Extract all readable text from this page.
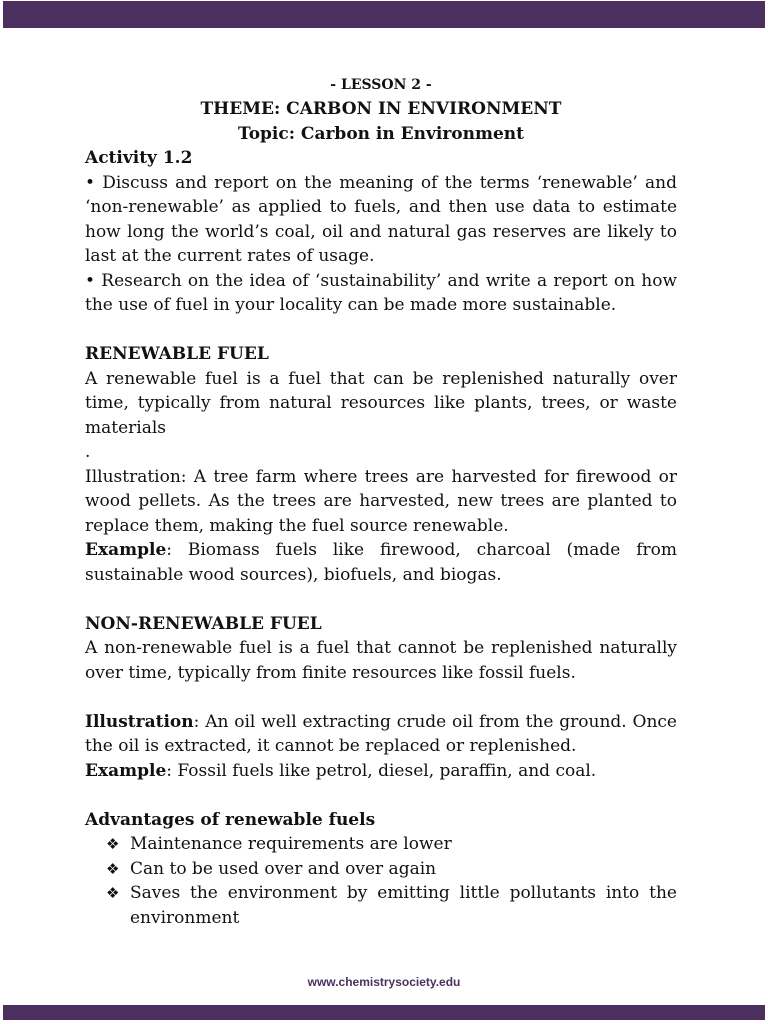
- LESSON 2 -
THEME: CARBON IN ENVIRONMENT
Topic: Carbon in Environment
Activity 1.2

• Discuss and report on the meaning of the terms ‘renewable’ and ‘non-renewable’ as applied to fuels, and then use data to estimate how long the world’s coal, oil and natural gas reserves are likely to last at the current rates of usage.

• Research on the idea of ‘sustainability’ and write a report on how the use of fuel in your locality can be made more sustainable.

RENEWABLE FUEL

A renewable fuel is a fuel that can be replenished naturally over time, typically from natural resources like plants, trees, or waste materials

.

Illustration: A tree farm where trees are harvested for firewood or wood pellets. As the trees are harvested, new trees are planted to replace them, making the fuel source renewable.

Example: Biomass fuels like firewood, charcoal (made from sustainable wood sources), biofuels, and biogas.

NON-RENEWABLE FUEL

A non-renewable fuel is a fuel that cannot be replenished naturally over time, typically from finite resources like fossil fuels.

Illustration: An oil well extracting crude oil from the ground. Once the oil is extracted, it cannot be replaced or replenished.

Example: Fossil fuels like petrol, diesel, paraffin, and coal.

Advantages of renewable fuels
❖ Maintenance requirements are lower
❖ Can to be used over and over again
❖ Saves the environment by emitting little pollutants into the environment
www.chemistrysociety.edu
